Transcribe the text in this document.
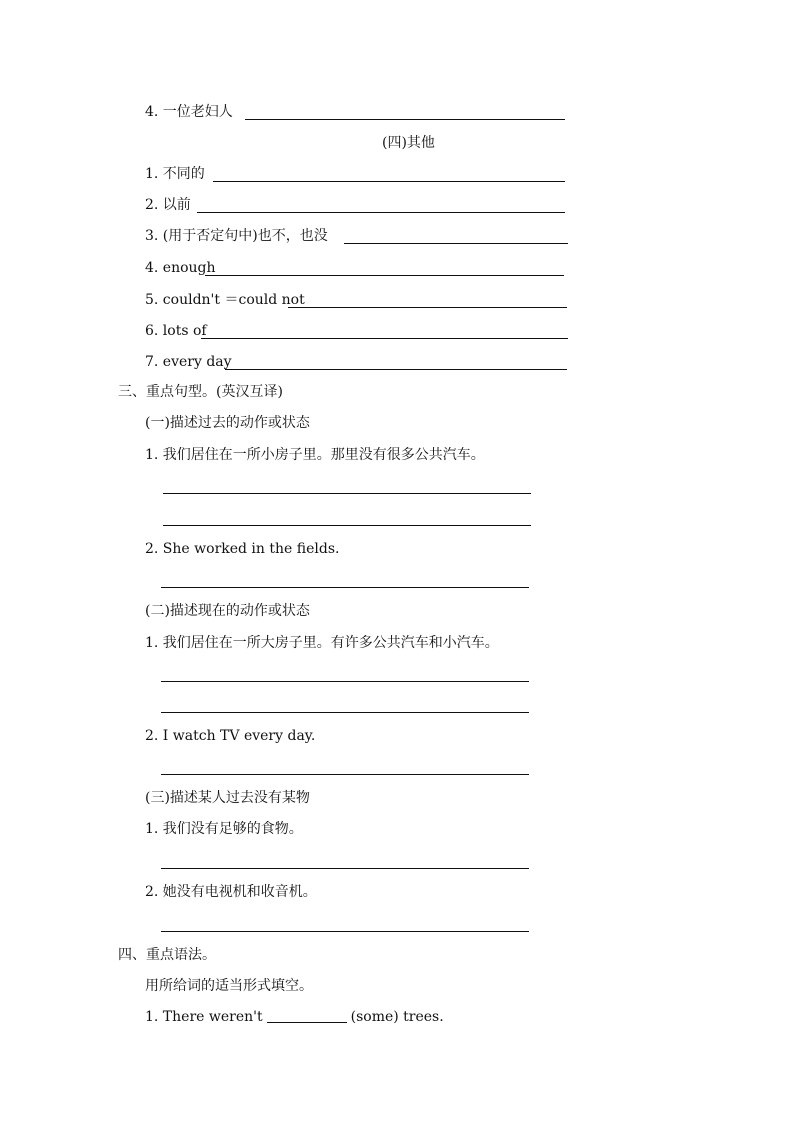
4. 一位老妇人
(四)其他
1. 不同的
2. 以前
3. (用于否定句中)也不，也没
4. enough
5. couldn't ＝could not
6. lots of
7. every day
三、重点句型。(英汉互译)
(一)描述过去的动作或状态
1. 我们居住在一所小房子里。那里没有很多公共汽车。
2. She worked in the fields.
(二)描述现在的动作或状态
1. 我们居住在一所大房子里。有许多公共汽车和小汽车。
2. I watch TV every day.
(三)描述某人过去没有某物
1. 我们没有足够的食物。
2. 她没有电视机和收音机。
四、重点语法。
用所给词的适当形式填空。
1. There weren't	(some) trees.
